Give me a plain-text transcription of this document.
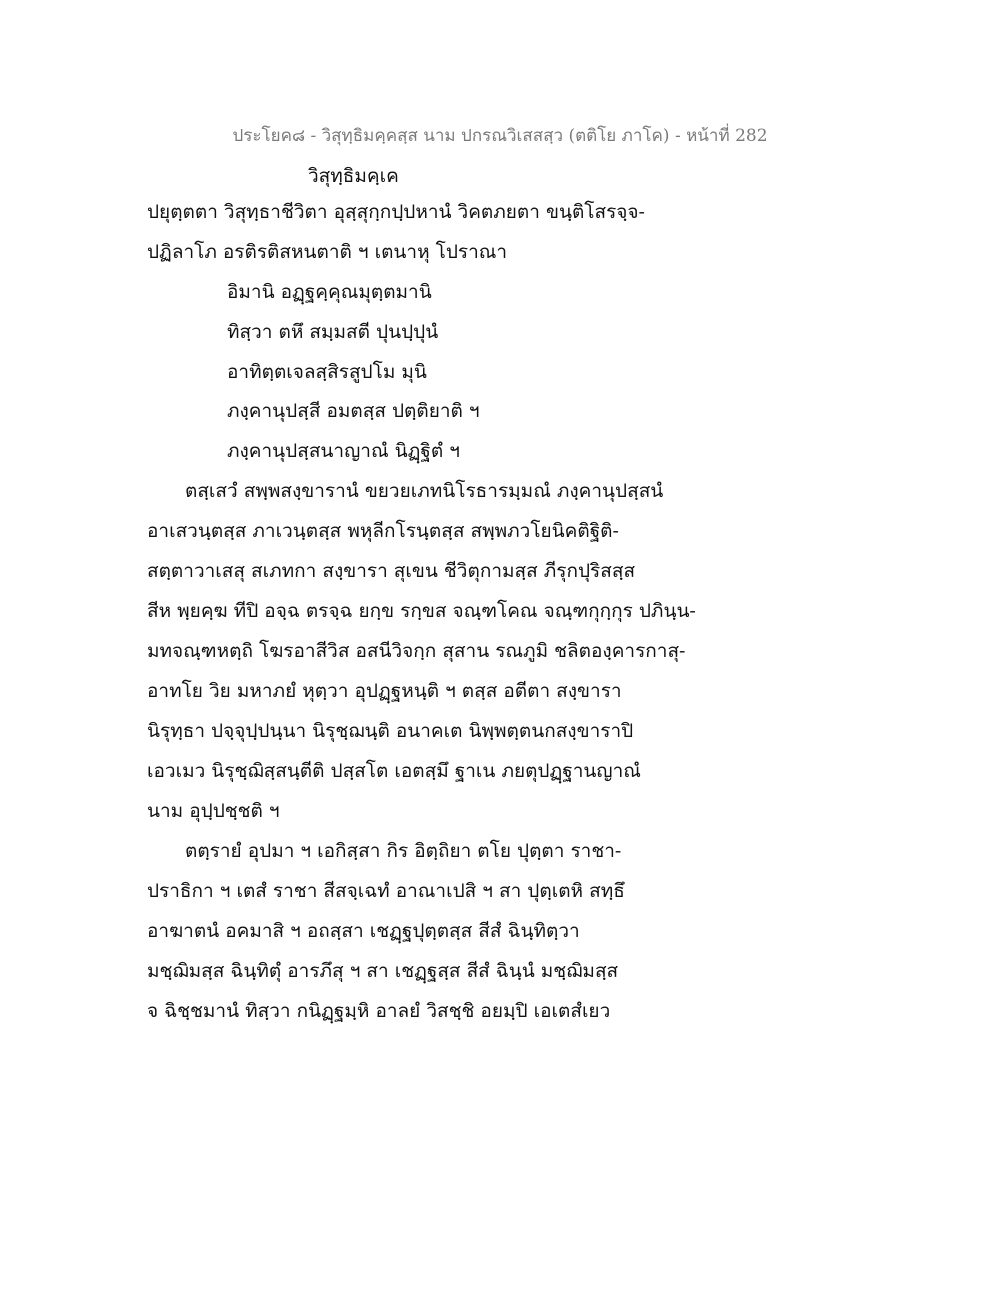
ประโยค๘ - วิสุทฺธิมคฺคสฺส นาม ปกรณวิเสสสฺว (ตติโย ภาโค) - หน้าที่ 282
วิสุทฺธิมคฺเค
ปยุตฺตตา วิสุทฺธาชีวิตา อุสฺสุกฺกปฺปหานํ วิคตภยตา ขนฺติโสรจฺจ-
ปฏิลาโภ อรติรติสหนตาติ ฯ เตนาหุ โปราณา
อิมานิ อฏฺฐคฺคุณมุตฺตมานิ
ทิสฺวา ตหึ สมฺมสตี ปุนปฺปุนํ
อาทิตฺตเจลสฺสิรสูปโม มุนิ
ภงฺคานุปสฺสี อมตสฺส ปตฺติยาติ ฯ
ภงฺคานุปสฺสนาญาณํ นิฏฺฐิตํ ฯ
ตสฺเสวํ สพฺพสงฺขารานํ ขยวยเภทนิโรธารมฺมณํ ภงฺคานุปสฺสนํ
อาเสวนฺตสฺส ภาเวนฺตสฺส พหุลีกโรนฺตสฺส สพฺพภวโยนิคติฐิติ-
สตฺตาวาเสสุ สเภทกา สงฺขารา สุเขน ชีวิตุกามสฺส ภีรุกปุริสสฺส
สีห พฺยคฺฆ ทีปิ อจฺฉ ตรจฺฉ ยกฺข รกฺขส จณฺฑโคณ จณฺฑกุกฺกุร ปภินฺน-
มทจณฺฑหตฺถิ โฆรอาสีวิส อสนีวิจกฺก สุสาน รณภูมิ ชลิตองฺคารกาสุ-
อาทโย วิย มหาภยํ หุตฺวา อุปฏฺฐหนฺติ ฯ ตสฺส อตีตา สงฺขารา
นิรุทฺธา ปจฺจุปฺปนฺนา นิรุชฺฌนฺติ อนาคเต นิพฺพตฺตนกสงฺขาราปิ
เอวเมว นิรุชฺฌิสฺสนฺตีติ ปสฺสโต เอตสฺมึ ฐาเน ภยตุปฏฺฐานญาณํ
นาม อุปฺปชฺชติ ฯ
ตตฺรายํ อุปมา ฯ เอกิสฺสา กิร อิตฺถิยา ตโย ปุตฺตา ราชา-
ปราธิกา ฯ เตสํ ราชา สีสจฺเฉทํ อาณาเปสิ ฯ สา ปุตฺเตหิ สทฺธึ
อาฆาตนํ อคมาสิ ฯ อถสฺสา เชฏฺฐปุตฺตสฺส สีสํ ฉินฺทิตฺวา
มชฺฌิมสฺส ฉินฺทิตุํ อารภึสุ ฯ สา เชฏฺฐสฺส สีสํ ฉินฺนํ มชฺฌิมสฺส
จ ฉิชฺชมานํ ทิสฺวา กนิฏฺฐมฺหิ อาลยํ วิสชฺชิ อยมฺปิ เอเตสํเยว
